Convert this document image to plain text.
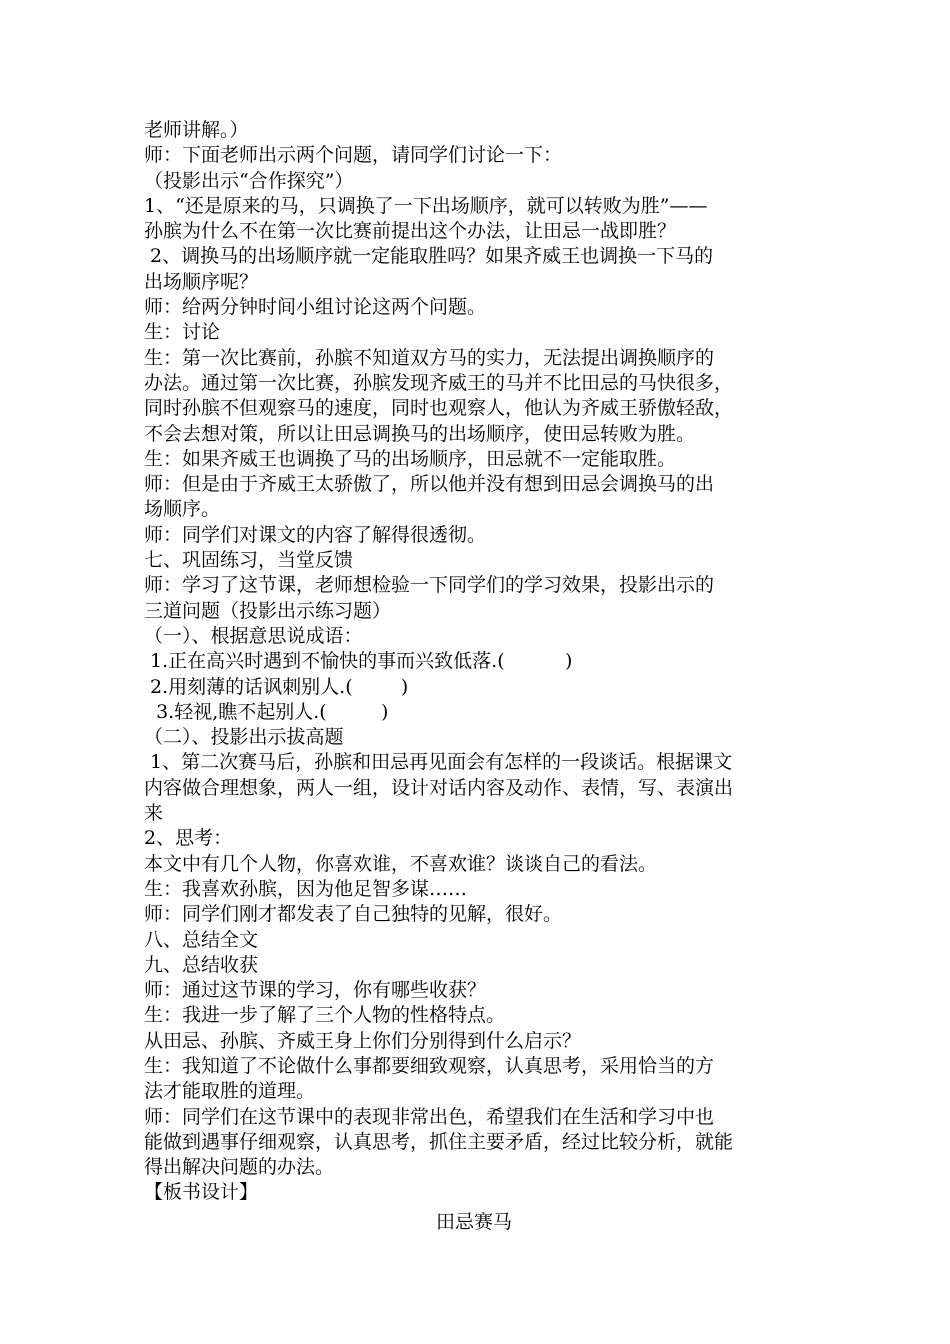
老师讲解。）
师：下面老师出示两个问题，请同学们讨论一下：
（投影出示“合作探究”）
1、“还是原来的马，只调换了一下出场顺序，就可以转败为胜”——
孙膑为什么不在第一次比赛前提出这个办法，让田忌一战即胜？
2、调换马的出场顺序就一定能取胜吗？如果齐威王也调换一下马的
出场顺序呢？
师：给两分钟时间小组讨论这两个问题。
生：讨论
生：第一次比赛前，孙膑不知道双方马的实力，无法提出调换顺序的
办法。通过第一次比赛，孙膑发现齐威王的马并不比田忌的马快很多，
同时孙膑不但观察马的速度，同时也观察人，他认为齐威王骄傲轻敌，
不会去想对策，所以让田忌调换马的出场顺序，使田忌转败为胜。
生：如果齐威王也调换了马的出场顺序，田忌就不一定能取胜。
师：但是由于齐威王太骄傲了，所以他并没有想到田忌会调换马的出
场顺序。
师：同学们对课文的内容了解得很透彻。
七、巩固练习，当堂反馈
师：学习了这节课，老师想检验一下同学们的学习效果，投影出示的
三道问题（投影出示练习题）
（一）、根据意思说成语：
1.正在高兴时遇到不愉快的事而兴致低落.(          )
2.用刻薄的话讽刺别人.(        )
3.轻视,瞧不起别人.(         )
（二）、投影出示拔高题
1、第二次赛马后，孙膑和田忌再见面会有怎样的一段谈话。根据课文
内容做合理想象，两人一组，设计对话内容及动作、表情，写、表演出
来
2、思考：
本文中有几个人物，你喜欢谁，不喜欢谁？谈谈自己的看法。
生：我喜欢孙膑，因为他足智多谋……
师：同学们刚才都发表了自己独特的见解，很好。
八、总结全文
九、总结收获
师：通过这节课的学习，你有哪些收获？
生：我进一步了解了三个人物的性格特点。
从田忌、孙膑、齐威王身上你们分别得到什么启示？
生：我知道了不论做什么事都要细致观察，认真思考，采用恰当的方
法才能取胜的道理。
师：同学们在这节课中的表现非常出色，希望我们在生活和学习中也
能做到遇事仔细观察，认真思考，抓住主要矛盾，经过比较分析，就能
得出解决问题的办法。
【板书设计】
田忌赛马
